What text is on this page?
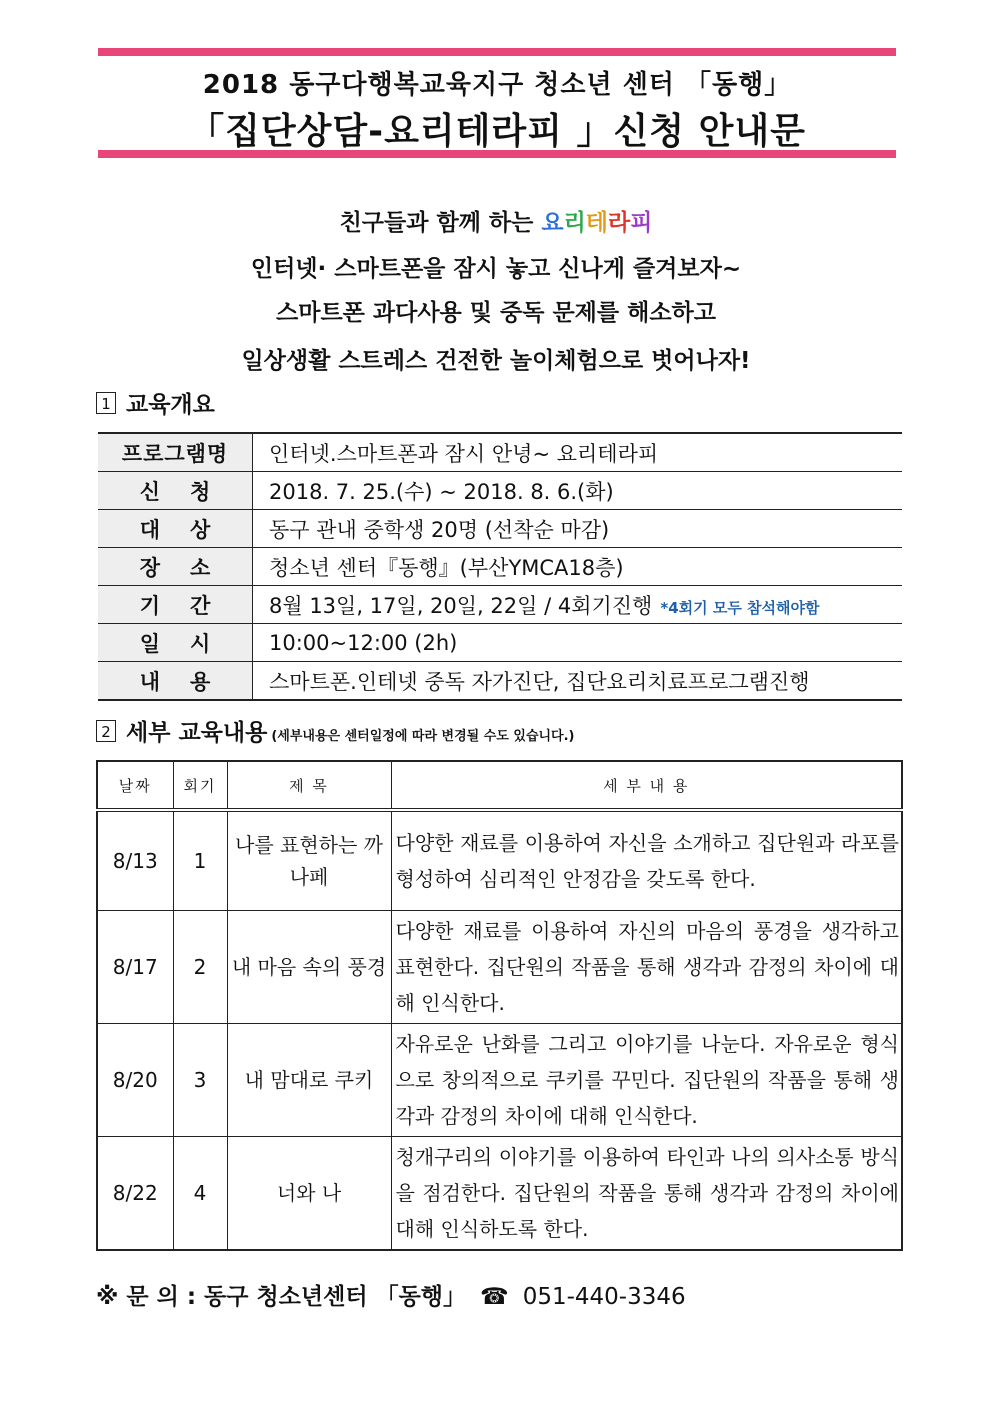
2018 동구다행복교육지구 청소년 센터 「동행」
「집단상담-요리테라피 」신청 안내문
친구들과 함께 하는 요리테라피
인터넷· 스마트폰을 잠시 놓고 신나게 즐겨보자~
스마트폰 과다사용 및 중독 문제를 해소하고
일상생활 스트레스 건전한 놀이체험으로 벗어나자!
1 교육개요
프로그램명	인터넷.스마트폰과 잠시 안녕~ 요리테라피
신청	2018. 7. 25.(수) ~ 2018. 8. 6.(화)
대상	동구 관내 중학생 20명 (선착순 마감)
장소	청소년 센터『동행』(부산YMCA18층)
기간	8월 13일, 17일, 20일, 22일 / 4회기진행 *4회기 모두 참석해야함
일시	10:00~12:00 (2h)
내용	스마트폰.인테넷 중독 자가진단, 집단요리치료프로그램진행
2 세부 교육내용 (세부내용은 센터일정에 따라 변경될 수도 있습니다.)
날짜	회기	제 목	세 부 내 용
8/13	1	나를 표현하는 까나페	다양한 재료를 이용하여 자신을 소개하고 집단원과 라포를 형성하여 심리적인 안정감을 갖도록 한다.
8/17	2	내 마음 속의 풍경	다양한 재료를 이용하여 자신의 마음의 풍경을 생각하고 표현한다. 집단원의 작품을 통해 생각과 감정의 차이에 대해 인식한다.
8/20	3	내 맘대로 쿠키	자유로운 난화를 그리고 이야기를 나눈다. 자유로운 형식으로 창의적으로 쿠키를 꾸민다. 집단원의 작품을 통해 생각과 감정의 차이에 대해 인식한다.
8/22	4	너와 나	청개구리의 이야기를 이용하여 타인과 나의 의사소통 방식을 점검한다. 집단원의 작품을 통해 생각과 감정의 차이에 대해 인식하도록 한다.
※ 문 의 : 동구 청소년센터 「동행」 ☎ 051-440-3346
